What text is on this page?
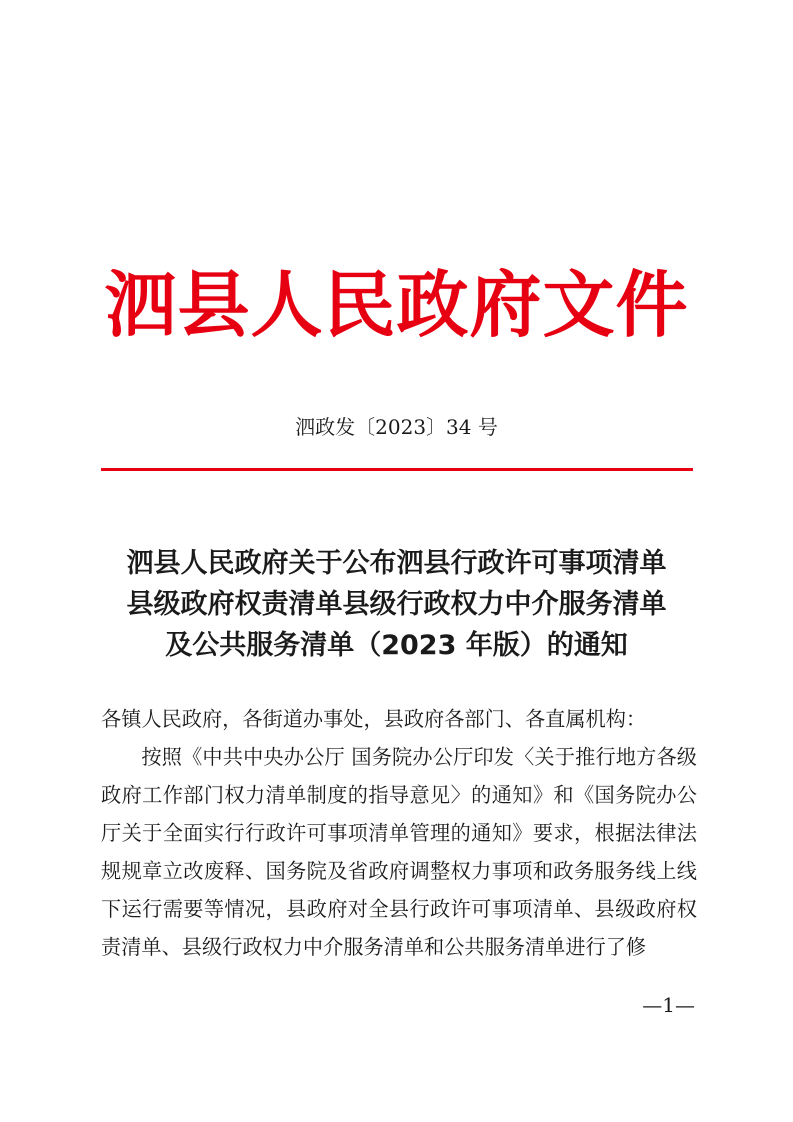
泗县人民政府文件
泗政发〔2023〕34 号
泗县人民政府关于公布泗县行政许可事项清单
县级政府权责清单县级行政权力中介服务清单
及公共服务清单（2023 年版）的通知

各镇人民政府，各街道办事处，县政府各部门、各直属机构：

按照《中共中央办公厅 国务院办公厅印发〈关于推行地方各级政府工作部门权力清单制度的指导意见〉的通知》和《国务院办公厅关于全面实行行政许可事项清单管理的通知》要求，根据法律法规规章立改废释、国务院及省政府调整权力事项和政务服务线上线下运行需要等情况，县政府对全县行政许可事项清单、县级政府权责清单、县级行政权力中介服务清单和公共服务清单进行了修

—1—
